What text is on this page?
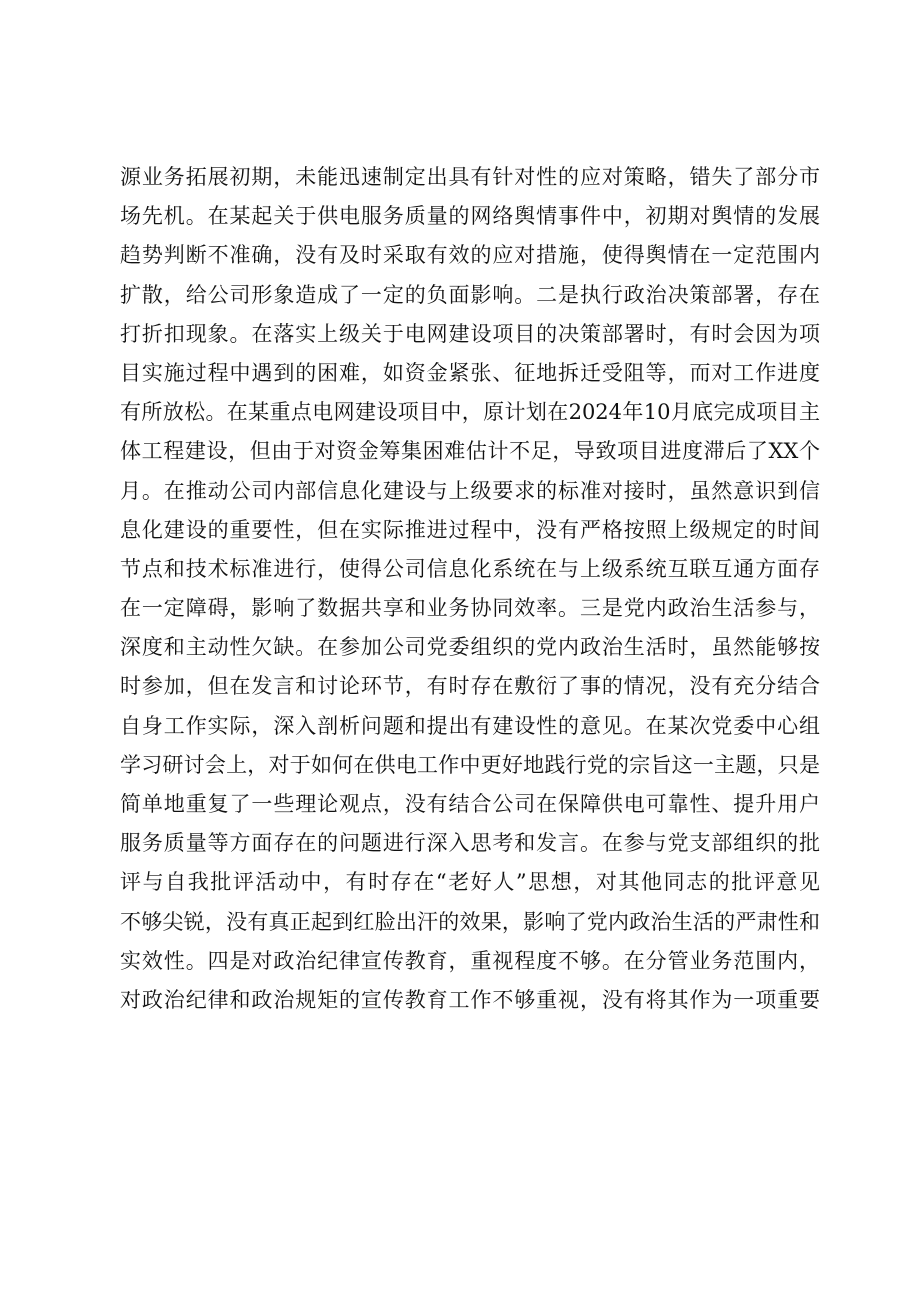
源业务拓展初期，未能迅速制定出具有针对性的应对策略，错失了部分市
场先机。在某起关于供电服务质量的网络舆情事件中，初期对舆情的发展
趋势判断不准确，没有及时采取有效的应对措施，使得舆情在一定范围内
扩散，给公司形象造成了一定的负面影响。二是执行政治决策部署，存在
打折扣现象。在落实上级关于电网建设项目的决策部署时，有时会因为项
目实施过程中遇到的困难，如资金紧张、征地拆迁受阻等，而对工作进度
有所放松。在某重点电网建设项目中，原计划在2024年10月底完成项目主
体工程建设，但由于对资金筹集困难估计不足，导致项目进度滞后了XX个
月。在推动公司内部信息化建设与上级要求的标准对接时，虽然意识到信
息化建设的重要性，但在实际推进过程中，没有严格按照上级规定的时间
节点和技术标准进行，使得公司信息化系统在与上级系统互联互通方面存
在一定障碍，影响了数据共享和业务协同效率。三是党内政治生活参与，
深度和主动性欠缺。在参加公司党委组织的党内政治生活时，虽然能够按
时参加，但在发言和讨论环节，有时存在敷衍了事的情况，没有充分结合
自身工作实际，深入剖析问题和提出有建设性的意见。在某次党委中心组
学习研讨会上，对于如何在供电工作中更好地践行党的宗旨这一主题，只是
简单地重复了一些理论观点，没有结合公司在保障供电可靠性、提升用户
服务质量等方面存在的问题进行深入思考和发言。在参与党支部组织的批
评与自我批评活动中，有时存在“老好人”思想，对其他同志的批评意见
不够尖锐，没有真正起到红脸出汗的效果，影响了党内政治生活的严肃性和
实效性。四是对政治纪律宣传教育，重视程度不够。在分管业务范围内，
对政治纪律和政治规矩的宣传教育工作不够重视，没有将其作为一项重要
